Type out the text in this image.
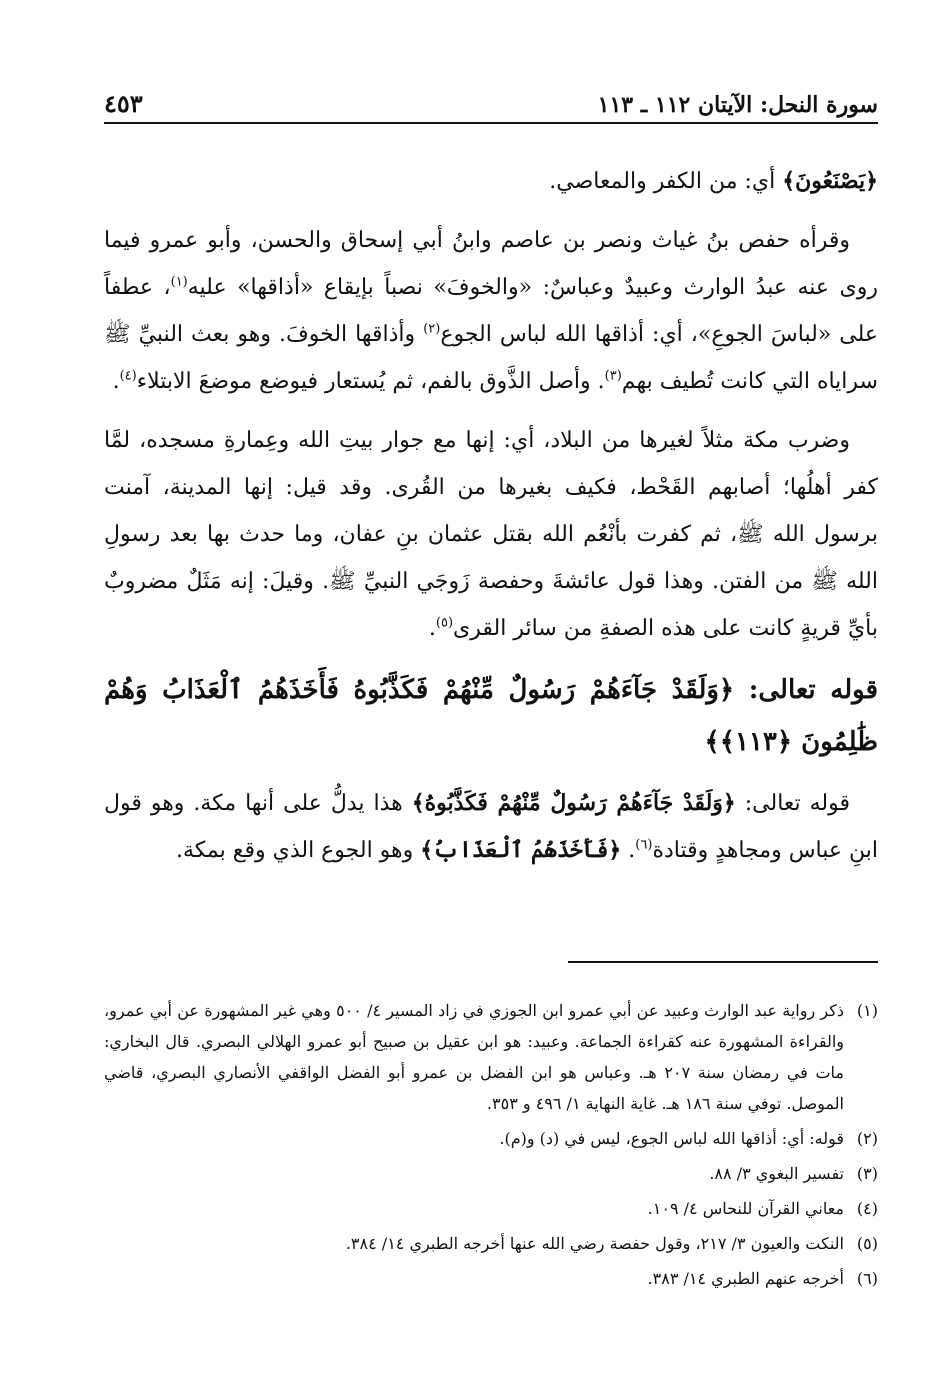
سورة النحل: الآيتان ١١٢ ـ ١١٣
٤٥٣

﴿يَصْنَعُونَ﴾ أي: من الكفر والمعاصي.

وقرأه حفص بنُ غياث ونصر بن عاصم وابنُ أبي إسحاق والحسن، وأبو عمرو فيما روى عنه عبدُ الوارث وعبيدٌ وعباسٌ: «والخوفَ» نصباً بإيقاع «أذاقها» عليه$^{(١)}$، عطفاً على «لباسَ الجوعِ»، أي: أذاقها الله لباس الجوع$^{(٢)}$ وأذاقها الخوفَ. وهو بعث النبيِّ ﷺ سراياه التي كانت تُطيف بهم$^{(٣)}$. وأصل الذَّوق بالفم، ثم يُستعار فيوضع موضعَ الابتلاء$^{(٤)}$.

وضرب مكة مثلاً لغيرها من البلاد، أي: إنها مع جوار بيتِ الله وعِمارةِ مسجده، لمَّا كفر أهلُها؛ أصابهم القَحْط، فكيف بغيرها من القُرى. وقد قيل: إنها المدينة، آمنت برسول الله ﷺ، ثم كفرت بأنْعُم الله بقتل عثمان بنِ عفان، وما حدث بها بعد رسولِ الله ﷺ من الفتن. وهذا قول عائشةَ وحفصة زَوجَي النبيِّ ﷺ. وقيلَ: إنه مَثَلٌ مضروبٌ بأيِّ قريةٍ كانت على هذه الصفةِ من سائر القرى$^{(٥)}$.

قوله تعالى: ﴿وَلَقَدْ جَآءَهُمْ رَسُولٌ مِّنْهُمْ فَكَذَّبُوهُ فَأَخَذَهُمُ ٱلْعَذَابُ وَهُمْ ظَٰلِمُونَ ﴿١١٣﴾﴾

قوله تعالى: ﴿وَلَقَدْ جَآءَهُمْ رَسُولٌ مِّنْهُمْ فَكَذَّبُوهُ﴾ هذا يدلُّ على أنها مكة. وهو قول ابنِ عباس ومجاهدٍ وقتادة$^{(٦)}$. ﴿فَأَخَذَهُمُ ٱلْعَذَابُ﴾ وهو الجوع الذي وقع بمكة.

(١)
ذكر رواية عبد الوارث وعبيد عن أبي عمرو ابن الجوزي في زاد المسير ٤/ ٥٠٠ وهي غير المشهورة عن أبي عمرو، والقراءة المشهورة عنه كقراءة الجماعة. وعبيد: هو ابن عقيل بن صبيح أبو عمرو الهلالي البصري. قال البخاري: مات في رمضان سنة ٢٠٧ هـ. وعباس هو ابن الفضل بن عمرو أبو الفضل الواقفي الأنصاري البصري، قاضي الموصل. توفي سنة ١٨٦ هـ. غاية النهاية ١/ ٤٩٦ و ٣٥٣.
(٢)
قوله: أي: أذاقها الله لباس الجوع، ليس في (د) و(م).
(٣)
تفسير البغوي ٣/ ٨٨.
(٤)
معاني القرآن للنحاس ٤/ ١٠٩.
(٥)
النكت والعيون ٣/ ٢١٧، وقول حفصة رضي الله عنها أخرجه الطبري ١٤/ ٣٨٤.
(٦)
أخرجه عنهم الطبري ١٤/ ٣٨٣.
